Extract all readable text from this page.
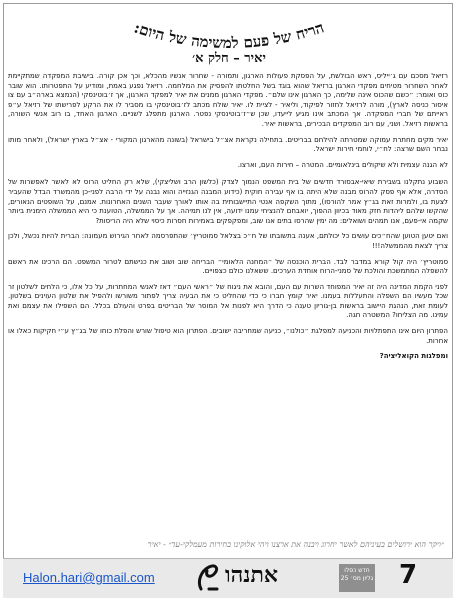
הריח של פעם למשימה של היום:
יאיר – חלק א׳

רזיאל מסכם עם ג׳ייליס, ראש הבולשת, על הפסקת פעולות הארגון, ותמורה - שחרור אנשיו מהכלא, וכך אכן קורה. בישיבת המפקדה שמתקיימת לאחר השחרור מטיחים מפקדי הארגון ברזיאל שהוא בוגד בשל החלטתו להפסיק את המלחמה. רזיאל נפגע באמת, ומודיע על התפטרותו. הוא שובר כוס ואומר: ״כשם שהכוס אינה שלימה, כך הארגון אינו שלם״. מפקדי הארגון ממנים את יאיר למפקד הארגון, אך ז׳בוטינסקי (הנמצא בארה״ב עם צו איסור כניסה לארץ), מורה לרזיאל לחזור לפיקוד, וליאיר - לציית לו. יאיר שולח מכתב לז׳בוטינסקי בו מסביר לו את הרקע לפרישתו של רזיאל ע״פ ראייתם של חברי המפקדה. אך המכתב אינו מגיע לייעדו, שכן ש״ז׳בוטינסקי נפטר. הארגון מתפלג לשניים. הארגון האחד, בו רוב אנשי השורה, בראשות רזיאל. ושני, עם רוב המפקדים הבכירים, בראשות יאיר.

יאיר מקים מחתרת עמוקה שמטרתה להילחם בבריטים. בתחילה נקראת אצ״ל בישראל (בשונה מהארגון המקורי - אצ״ל בארץ ישראל), ולאחר מותו נבחר השם שרצה: לח״י, לוחמי חירות ישראל.

לא הגנה עצמית ולא שיקולים בינלאומיים. המטרה – חירות העם, וארצו.

השבוע נתקלנו בשבירת שיאי-אבסורד חדשים של בית המשפט הנמוך לצדק (כלשון הרב ושליצקי), שלא רק החליט הרוס לא לאשר לאפשרות של הסדרה, אלא אף פסק להרוס מבנה שלא היתה בו אף עבירה חוקית (כידוע המבנה הגנזייה והוא נבנה על ידי הרבה לפני-כן מהמשרד הבדל שהעביר לצעת בו, ולמרות זאת בג״ץ אמר להורסו), מתוך השקפה אנטי התיישבותית בה אותו לאורך שעבר השנים האחרונות. אמנם, על השופטים הנאורים, שהקשו שלהם ליהדות חזק מאוד בכיוון ההפוך, יואבחם להנציחי עמנו ידועה, אין לנו תמיהה. אך על הממשלה, הטוענת כי היא הממשלה הימנית ביותר שקמה אי-פעם, אנו תמהים ושואלים: מה ימין שהרסו בתים אנו שוב, ומפקפקים באמירות חסרות כיסוי שלא היה הריסות?

ואם יטען הטוען שהח״כים עושים כל יכולתם, אענה בתשובתו של ח״כ בצלאל סמוטריץ׳ שהתפרסמה לאחר הגירוש מעמונה: הברית להיות נכשל, ולכן צריך לצאת מהממשלה!!!

סמוטריץ׳ היה קול קורא במדבר לבד. הברית הוכנסה של ״המחנה הלאומי״ הבריחה שוב ושוב את כנישתם לטרור המשפט. הם הרכינו את ראשם להשפלה המתמשכת והולכת של סמני-הרוח אוחדת הערכים. ששאלנו כולם כצפויים.

לפני הקמת המדינה היה זה יאיר המפוחד השרות עם העם, והובא את ניגוח של ״ראשי העם״ דאז לאנשי המחתרות, על כל אלו, כי הלחים לשלטון זר שכל מעשיו הם השפלה והתעללות בעמנו. יאיר קומץ חברו כי כדי שהחליט כי את הבעיה צריך לפתור משורשו ולהפיל את שלטון העוינים בשלטון. לעומת זאת, הנהגת היישוב בראשות בן-גוריון טענה כי הדרך היא לפנות אל המוסר של הבריטים בפרט והעולם בכלל. הם השפילו את עצמם ואת עמינו. מה הצליחו? המשטרה חגה.

הפתרון היום אינו התפתלויות והכניעה למפלגת ״כולנו״, כניעה שמחריבה ישובים. הפתרון הוא טיפול שורש והפלת כוחו של בג״ץ ע״י חקיקות כאלו או אחרות.

ומפלגות הקואליציה?

״ויקר הוא ירושלים בעיניהם לאשר יחרוג ויבנה את ארצנו ויהי אלוקינו בחירות מעמלקי-עד״ - יאיר
Halon.hari@gmail.com	אתנהו	חדש כסלו
גליון מס׳ 25 7
